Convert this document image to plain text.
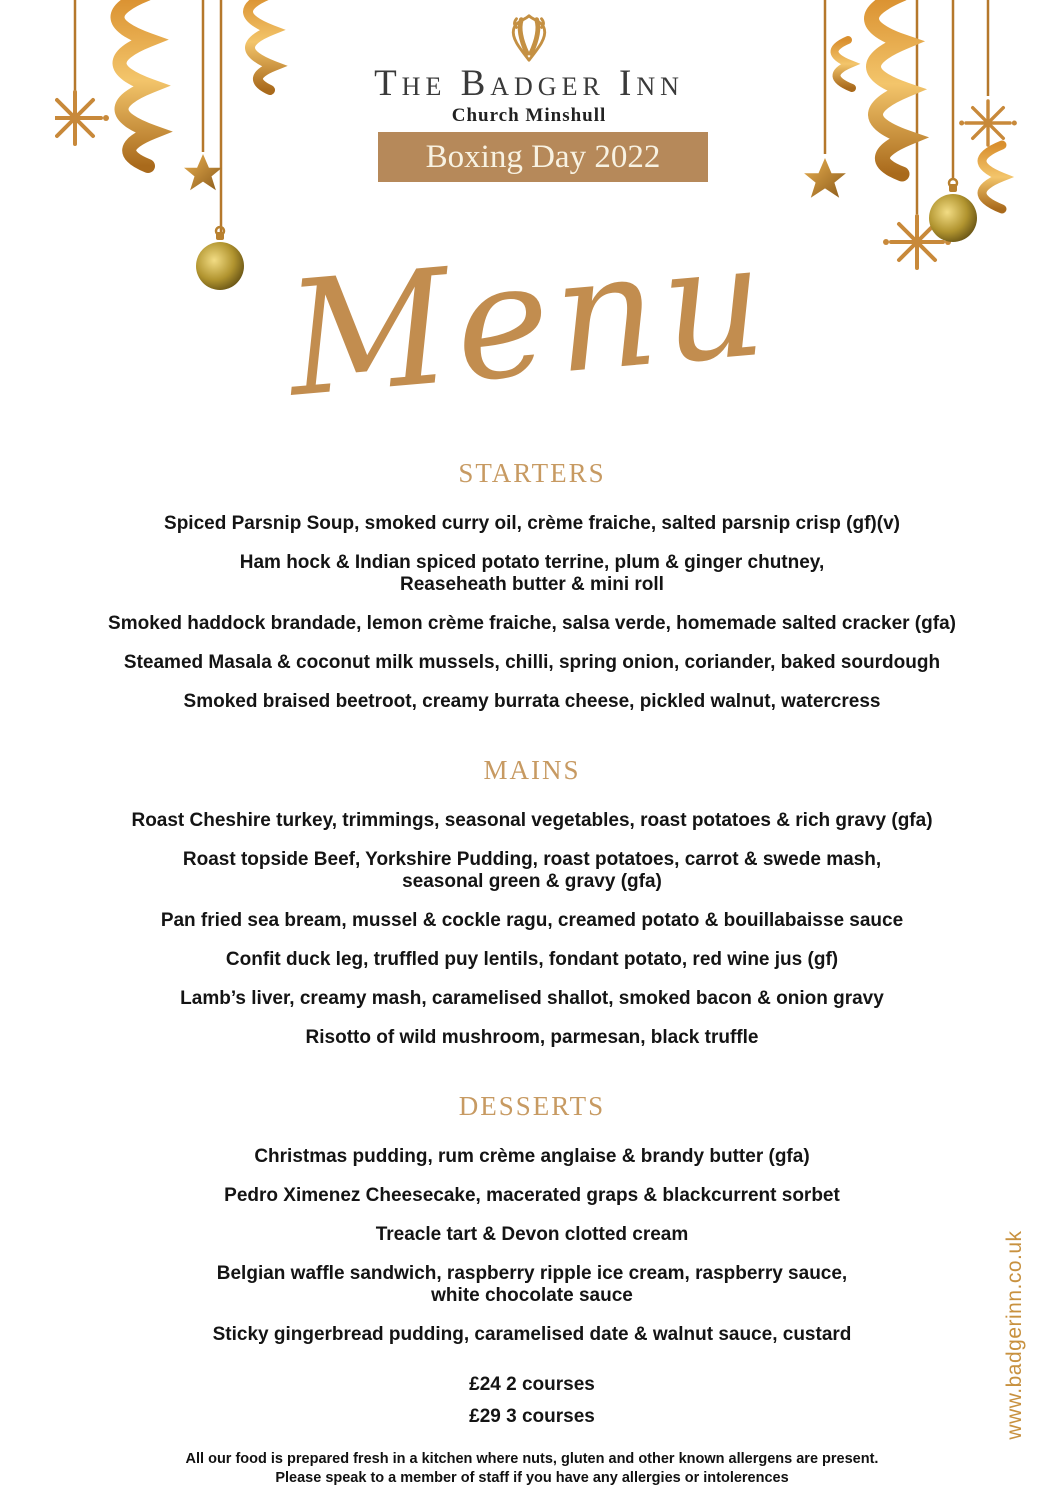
The Badger Inn
Church Minshull
Boxing Day 2022
Menu
STARTERS

Spiced Parsnip Soup, smoked curry oil, crème fraiche, salted parsnip crisp (gf)(v)

Ham hock & Indian spiced potato terrine, plum & ginger chutney,
Reaseheath butter & mini roll

Smoked haddock brandade, lemon crème fraiche, salsa verde, homemade salted cracker (gfa)

Steamed Masala & coconut milk mussels, chilli, spring onion, coriander, baked sourdough

Smoked braised beetroot, creamy burrata cheese, pickled walnut, watercress

MAINS

Roast Cheshire turkey, trimmings, seasonal vegetables, roast potatoes & rich gravy (gfa)

Roast topside Beef, Yorkshire Pudding, roast potatoes, carrot & swede mash,
seasonal green & gravy (gfa)

Pan fried sea bream, mussel & cockle ragu, creamed potato & bouillabaisse sauce

Confit duck leg, truffled puy lentils, fondant potato, red wine jus (gf)

Lamb’s liver, creamy mash, caramelised shallot, smoked bacon & onion gravy

Risotto of wild mushroom, parmesan, black truffle

DESSERTS

Christmas pudding, rum crème anglaise & brandy butter (gfa)

Pedro Ximenez Cheesecake, macerated graps & blackcurrent sorbet

Treacle tart & Devon clotted cream

Belgian waffle sandwich, raspberry ripple ice cream, raspberry sauce,
white chocolate sauce

Sticky gingerbread pudding, caramelised date & walnut sauce, custard

£24 2 courses
£29 3 courses
All our food is prepared fresh in a kitchen where nuts, gluten and other known allergens are present.
Please speak to a member of staff if you have any allergies or intolerences
www.badgerinn.co.uk
